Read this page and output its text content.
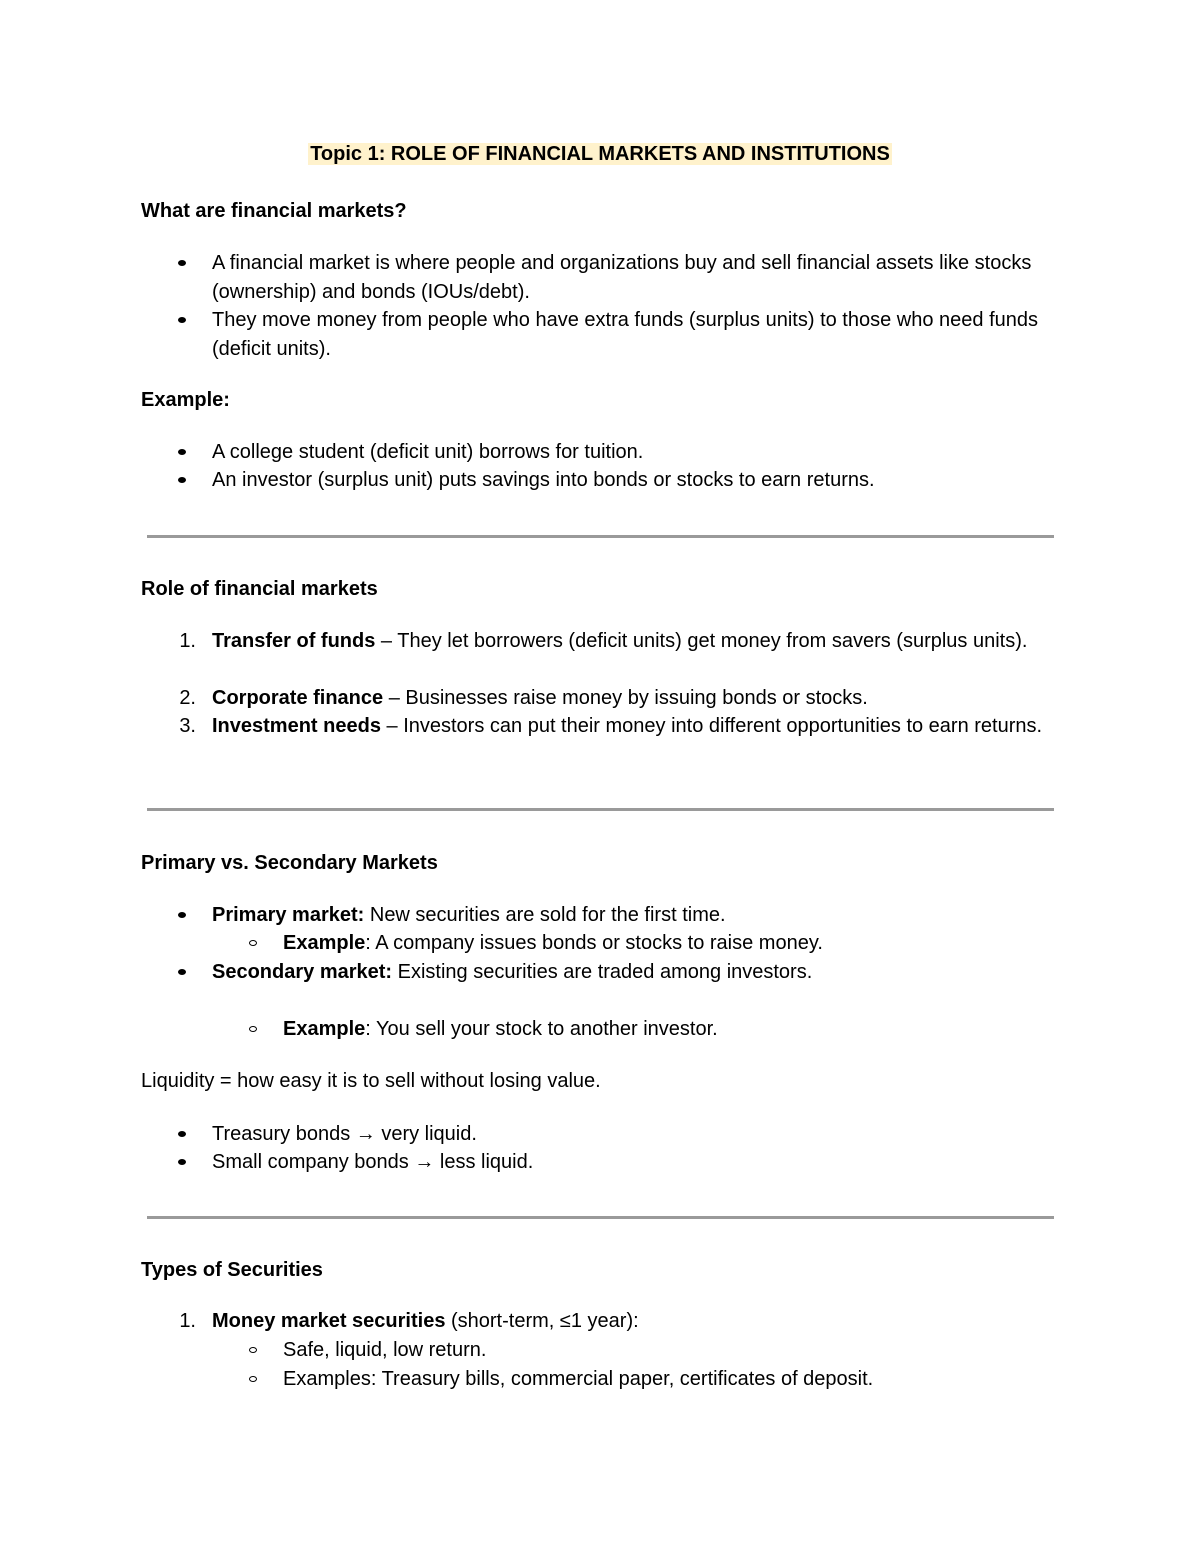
Topic 1: ROLE OF FINANCIAL MARKETS AND INSTITUTIONS

What are financial markets?

A financial market is where people and organizations buy and sell financial assets like stocks (ownership) and bonds (IOUs/debt).

They move money from people who have extra funds (surplus units) to those who need funds (deficit units).

Example:

A college student (deficit unit) borrows for tuition.

An investor (surplus unit) puts savings into bonds or stocks to earn returns.

Role of financial markets

1. Transfer of funds – They let borrowers (deficit units) get money from savers (surplus units).

2. Corporate finance – Businesses raise money by issuing bonds or stocks.

3. Investment needs – Investors can put their money into different opportunities to earn returns.

Primary vs. Secondary Markets

Primary market: New securities are sold for the first time.

Example: A company issues bonds or stocks to raise money.

Secondary market: Existing securities are traded among investors.

Example: You sell your stock to another investor.

Liquidity = how easy it is to sell without losing value.

Treasury bonds → very liquid.

Small company bonds → less liquid.

Types of Securities

1. Money market securities (short-term, ≤1 year):

Safe, liquid, low return.

Examples: Treasury bills, commercial paper, certificates of deposit.
